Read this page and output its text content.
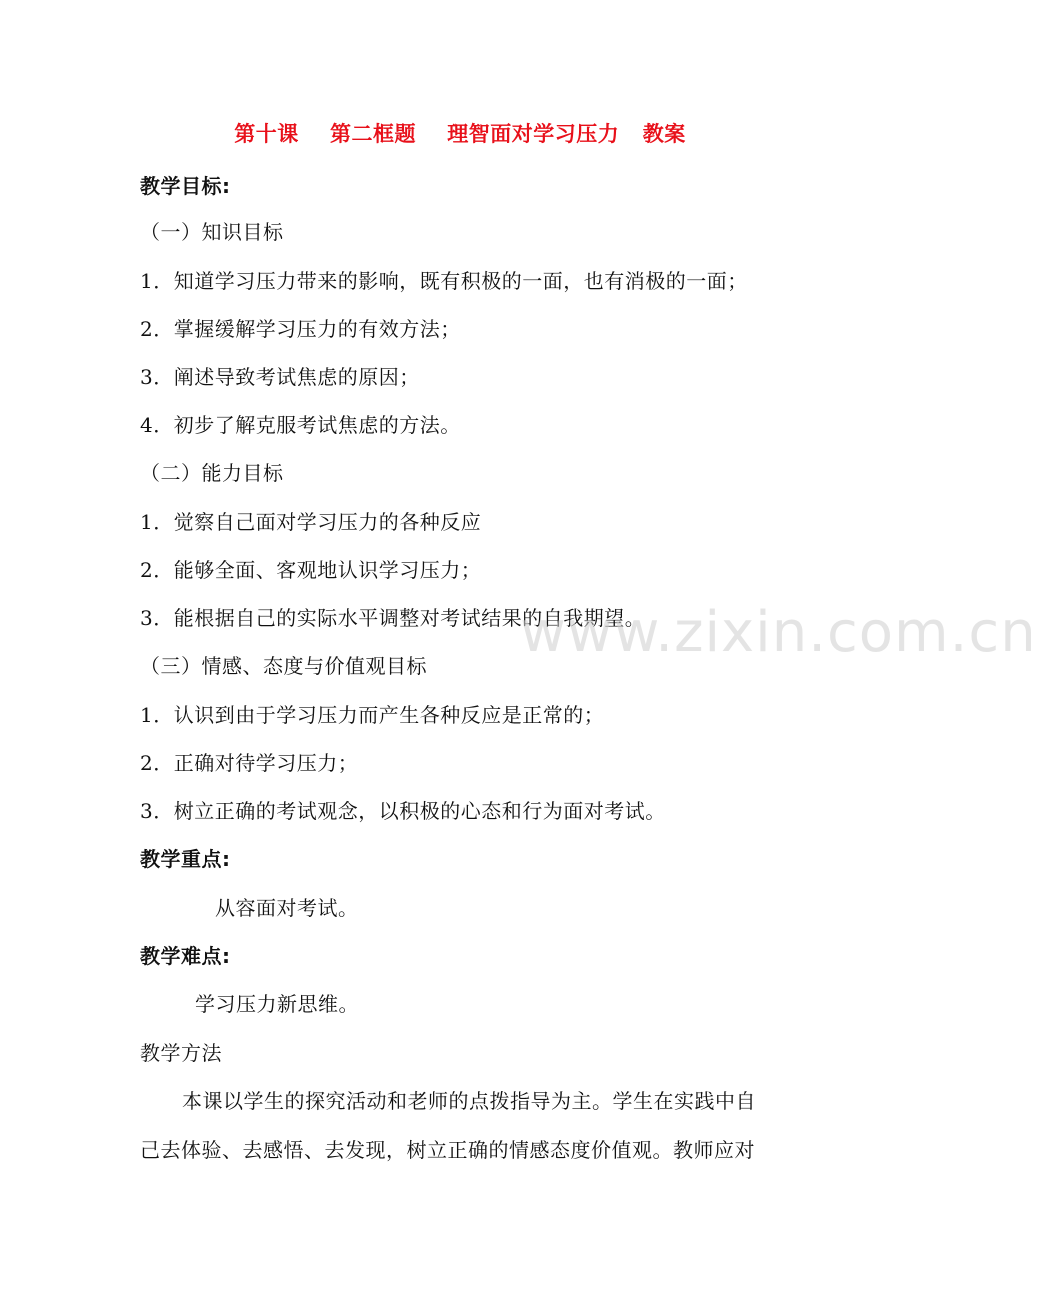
第十课    第二框题    理智面对学习压力   教案
教学目标:
（一）知识目标
1．知道学习压力带来的影响，既有积极的一面，也有消极的一面；
2．掌握缓解学习压力的有效方法；
3．阐述导致考试焦虑的原因；
4．初步了解克服考试焦虑的方法。
（二）能力目标
1．觉察自己面对学习压力的各种反应
2．能够全面、客观地认识学习压力；
3．能根据自己的实际水平调整对考试结果的自我期望。
（三）情感、态度与价值观目标
1．认识到由于学习压力而产生各种反应是正常的；
2．正确对待学习压力；
3．树立正确的考试观念，以积极的心态和行为面对考试。
教学重点:
从容面对考试。
教学难点:
学习压力新思维。
教学方法
本课以学生的探究活动和老师的点拨指导为主。学生在实践中自
己去体验、去感悟、去发现，树立正确的情感态度价值观。教师应对
www.zixin.com.cn
